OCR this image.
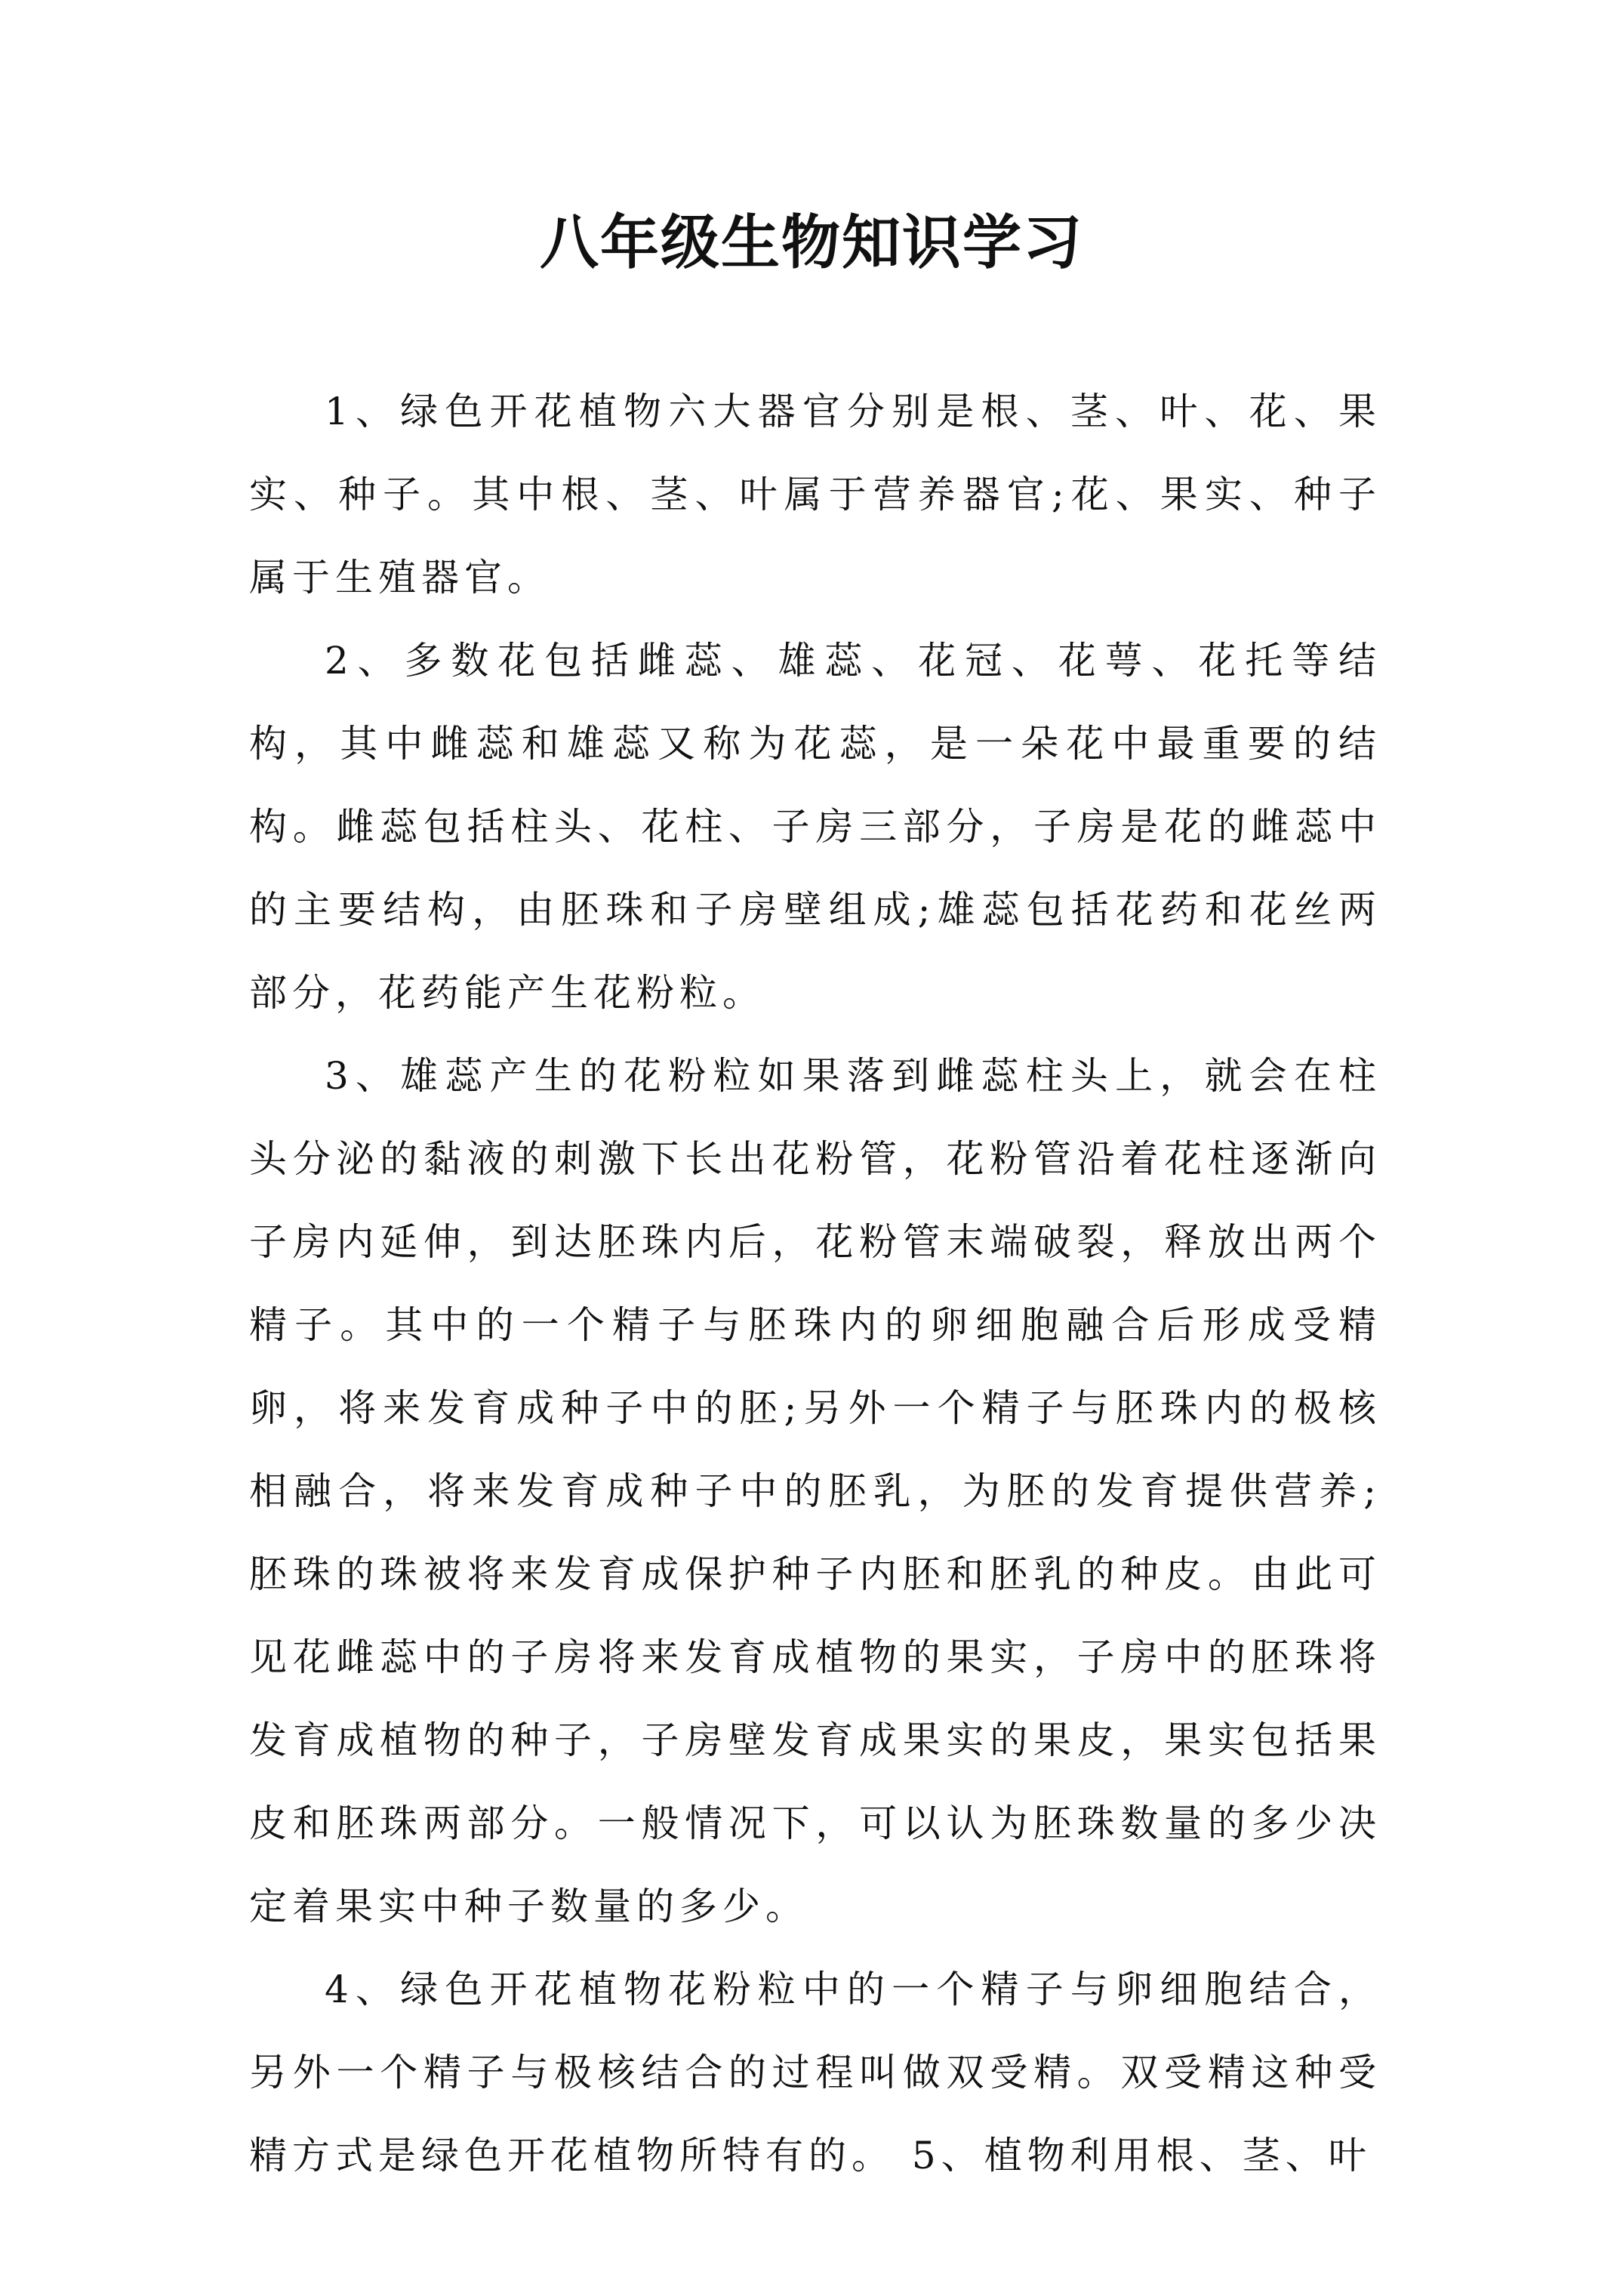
八年级生物知识学习

1、绿色开花植物六大器官分别是根、茎、叶、花、果实、种子。其中根、茎、叶属于营养器官;花、果实、种子属于生殖器官。

2、多数花包括雌蕊、雄蕊、花冠、花萼、花托等结构，其中雌蕊和雄蕊又称为花蕊，是一朵花中最重要的结构。雌蕊包括柱头、花柱、子房三部分，子房是花的雌蕊中的主要结构，由胚珠和子房壁组成;雄蕊包括花药和花丝两部分，花药能产生花粉粒。

3、雄蕊产生的花粉粒如果落到雌蕊柱头上，就会在柱头分泌的黏液的刺激下长出花粉管，花粉管沿着花柱逐渐向子房内延伸，到达胚珠内后，花粉管末端破裂，释放出两个精子。其中的一个精子与胚珠内的卵细胞融合后形成受精卵，将来发育成种子中的胚;另外一个精子与胚珠内的极核相融合，将来发育成种子中的胚乳，为胚的发育提供营养;胚珠的珠被将来发育成保护种子内胚和胚乳的种皮。由此可见花雌蕊中的子房将来发育成植物的果实，子房中的胚珠将发育成植物的种子，子房壁发育成果实的果皮，果实包括果皮和胚珠两部分。一般情况下，可以认为胚珠数量的多少决定着果实中种子数量的多少。

4、绿色开花植物花粉粒中的一个精子与卵细胞结合，另外一个精子与极核结合的过程叫做双受精。双受精这种受精方式是绿色开花植物所特有的。 5、植物利用根、茎、叶
